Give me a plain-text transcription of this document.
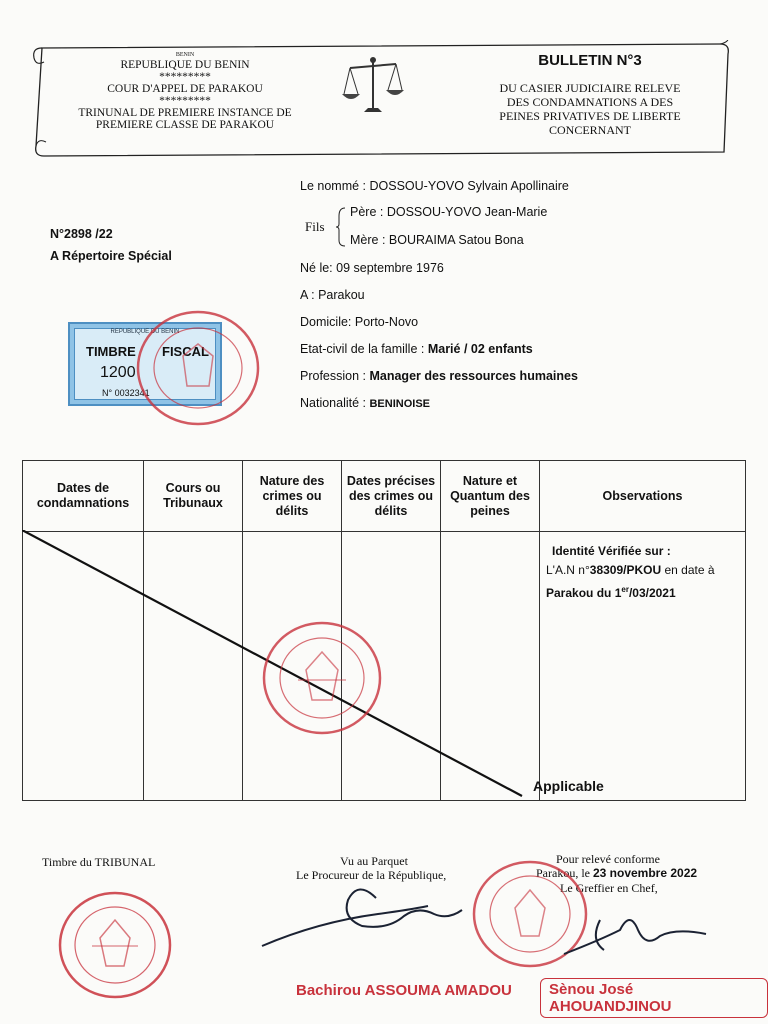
BENIN
REPUBLIQUE DU BENIN
*********
COUR D'APPEL DE PARAKOU
*********
TRINUNAL DE PREMIERE INSTANCE DE
PREMIERE CLASSE DE PARAKOU
BULLETIN N°3
DU CASIER JUDICIAIRE RELEVE
DES CONDAMNATIONS A DES
PEINES PRIVATIVES DE LIBERTE
CONCERNANT
N°2898 /22
A Répertoire Spécial
Le nommé : DOSSOU-YOVO Sylvain Apollinaire
Fils
Père : DOSSOU-YOVO Jean-Marie
Mère : BOURAIMA Satou Bona
Né le: 09 septembre 1976
A : Parakou
Domicile: Porto-Novo
Etat-civil de la famille : Marié / 02 enfants
Profession : Manager des ressources humaines
Nationalité : BENINOISE
REPUBLIQUE DU BENIN
TIMBRE FISCAL
1200
N° 0032341
Dates de condamnations	Cours ou Tribunaux	Nature des crimes ou délits	Dates précises des crimes ou délits	Nature et Quantum des peines	Observations

					Identité Vérifiée sur :
L'A.N n°38309/PKOU en date à
Parakou du 1er/03/2021
Applicable
Timbre du TRIBUNAL	Vu au Parquet
Le Procureur de la République,
Pour relevé conforme
Parakou, le 23 novembre 2022
Le Greffier en Chef,
Bachirou ASSOUMA AMADOU	Sènou José AHOUANDJINOU
